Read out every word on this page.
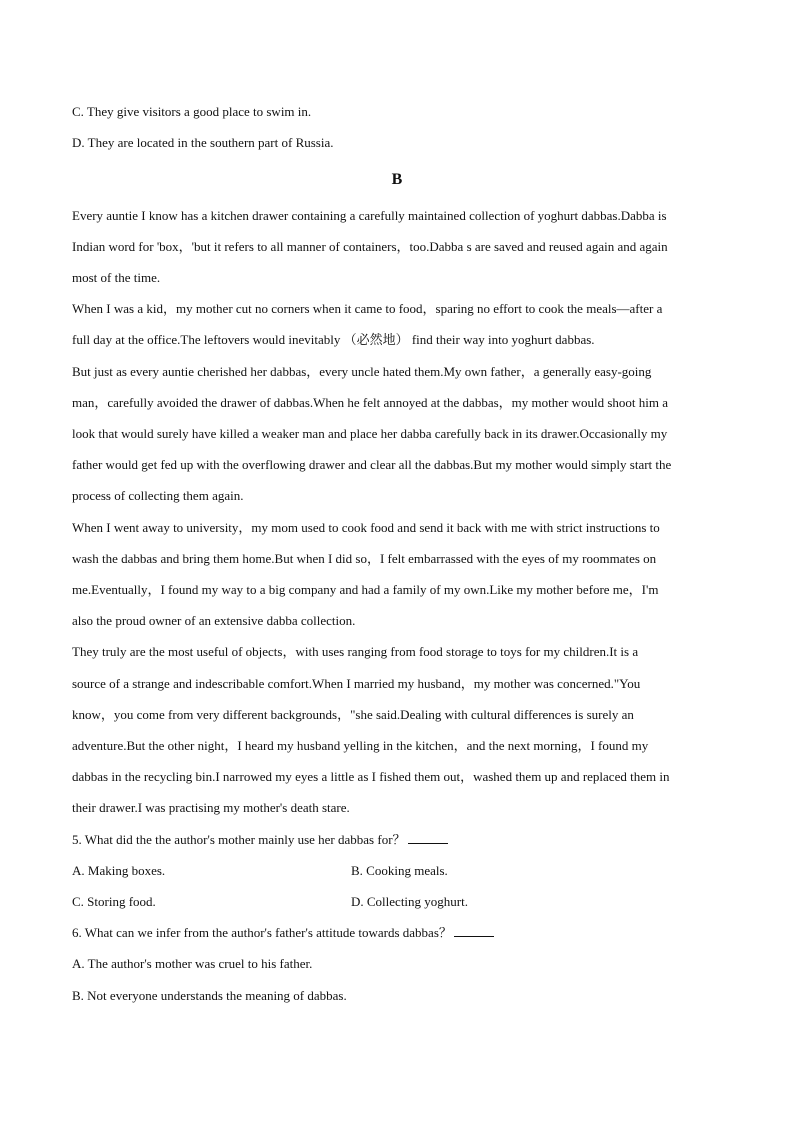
C. They give visitors a good place to swim in.
D. They are located in the southern part of Russia.
B
Every auntie I know has a kitchen drawer containing a carefully maintained collection of yoghurt dabbas.Dabba is
Indian word for 'box，'but it refers to all manner of containers，too.Dabba s are saved and reused again and again
most of the time.
When I was a kid，my mother cut no corners when it came to food，sparing no effort to cook the meals—after a
full day at the office.The leftovers would inevitably （必然地） find their way into yoghurt dabbas.
But just as every auntie cherished her dabbas，every uncle hated them.My own father，a generally easy-going
man，carefully avoided the drawer of dabbas.When he felt annoyed at the dabbas，my mother would shoot him a
look that would surely have killed a weaker man and place her dabba carefully back in its drawer.Occasionally my
father would get fed up with the overflowing drawer and clear all the dabbas.But my mother would simply start the
process of collecting them again.
When I went away to university，my mom used to cook food and send it back with me with strict instructions to
wash the dabbas and bring them home.But when I did so，I felt embarrassed with the eyes of my roommates on
me.Eventually，I found my way to a big company and had a family of my own.Like my mother before me，I'm
also the proud owner of an extensive dabba collection.
They truly are the most useful of objects，with uses ranging from food storage to toys for my children.It is a
source of a strange and indescribable comfort.When I married my husband，my mother was concerned."You
know，you come from very different backgrounds，"she said.Dealing with cultural differences is surely an
adventure.But the other night，I heard my husband yelling in the kitchen，and the next morning，I found my
dabbas in the recycling bin.I narrowed my eyes a little as I fished them out，washed them up and replaced them in
their drawer.I was practising my mother's death stare.
5. What did the the author's mother mainly use her dabbas for？
A. Making boxes.	B. Cooking meals.
C. Storing food.	D. Collecting yoghurt.
6. What can we infer from the author's father's attitude towards dabbas？
A. The author's mother was cruel to his father.
B. Not everyone understands the meaning of dabbas.
